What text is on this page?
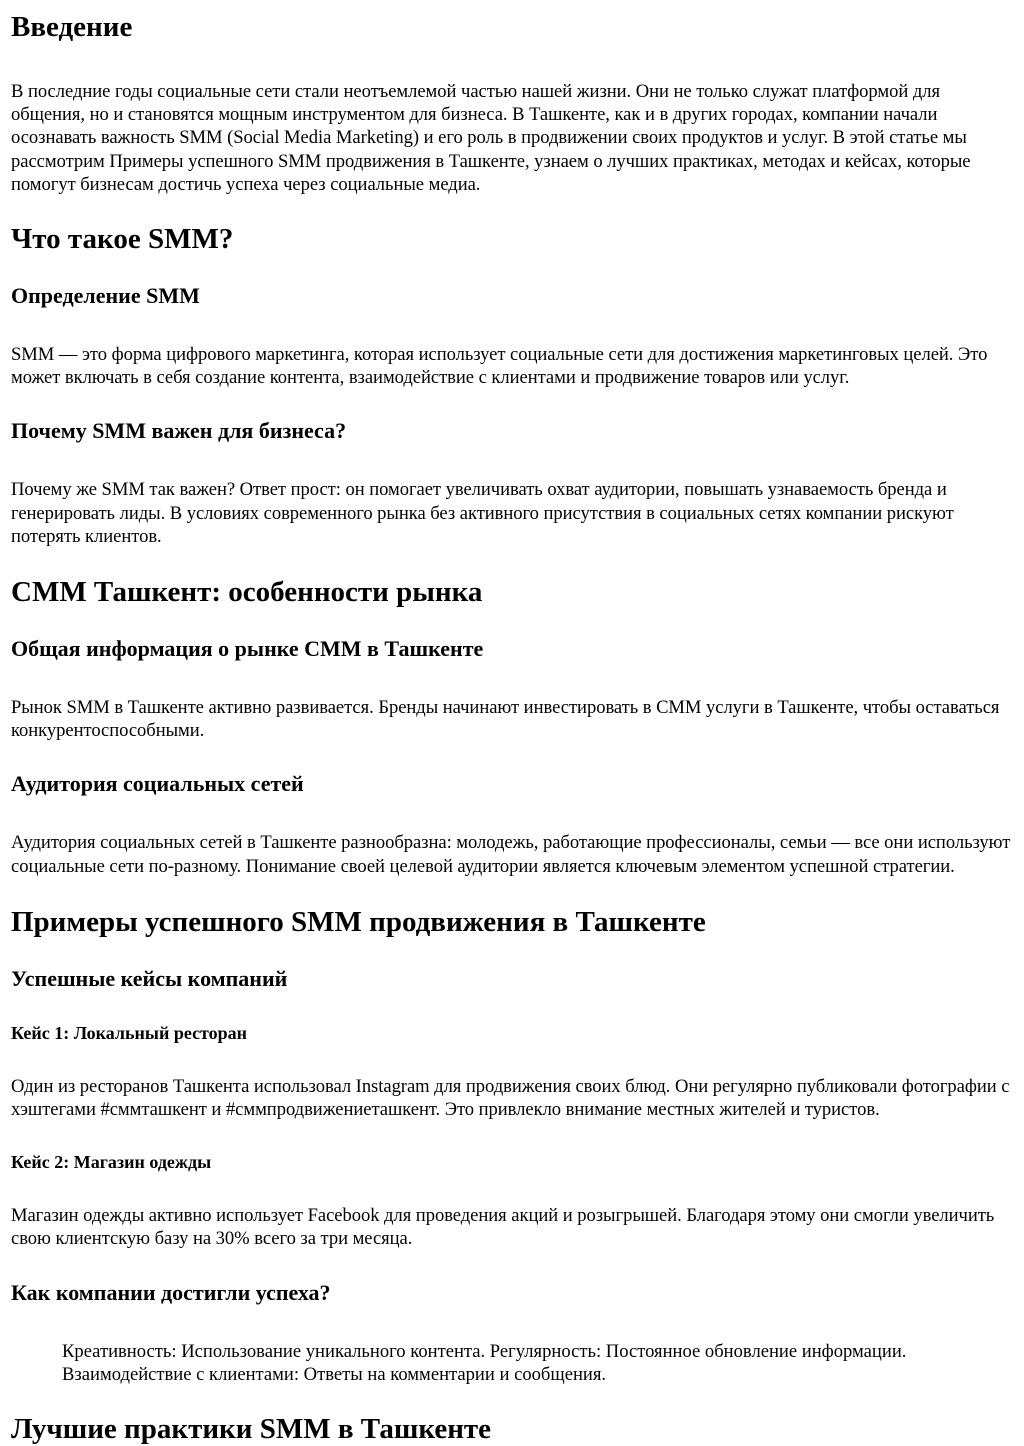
Введение

В последние годы социальные сети стали неотъемлемой частью нашей жизни. Они не только служат платформой для общения, но и становятся мощным инструментом для бизнеса. В Ташкенте, как и в других городах, компании начали осознавать важность SMM (Social Media Marketing) и его роль в продвижении своих продуктов и услуг. В этой статье мы рассмотрим Примеры успешного SMM продвижения в Ташкенте, узнаем о лучших практиках, методах и кейсах, которые помогут бизнесам достичь успеха через социальные медиа.

Что такое SMM?
Определение SMM

SMM — это форма цифрового маркетинга, которая использует социальные сети для достижения маркетинговых целей. Это может включать в себя создание контента, взаимодействие с клиентами и продвижение товаров или услуг.

Почему SMM важен для бизнеса?

Почему же SMM так важен? Ответ прост: он помогает увеличивать охват аудитории, повышать узнаваемость бренда и генерировать лиды. В условиях современного рынка без активного присутствия в социальных сетях компании рискуют потерять клиентов.

СММ Ташкент: особенности рынка
Общая информация о рынке СММ в Ташкенте

Рынок SMM в Ташкенте активно развивается. Бренды начинают инвестировать в СММ услуги в Ташкенте, чтобы оставаться конкурентоспособными.

Аудитория социальных сетей

Аудитория социальных сетей в Ташкенте разнообразна: молодежь, работающие профессионалы, семьи — все они используют социальные сети по-разному. Понимание своей целевой аудитории является ключевым элементом успешной стратегии.

Примеры успешного SMM продвижения в Ташкенте
Успешные кейсы компаний
Кейс 1: Локальный ресторан

Один из ресторанов Ташкента использовал Instagram для продвижения своих блюд. Они регулярно публиковали фотографии с хэштегами #сммташкент и #сммпродвижениеташкент. Это привлекло внимание местных жителей и туристов.

Кейс 2: Магазин одежды

Магазин одежды активно использует Facebook для проведения акций и розыгрышей. Благодаря этому они смогли увеличить свою клиентскую базу на 30% всего за три месяца.

Как компании достигли успеха?
Креативность: Использование уникального контента. Регулярность: Постоянное обновление информации. Взаимодействие с клиентами: Ответы на комментарии и сообщения.
Лучшие практики SMM в Ташкенте
